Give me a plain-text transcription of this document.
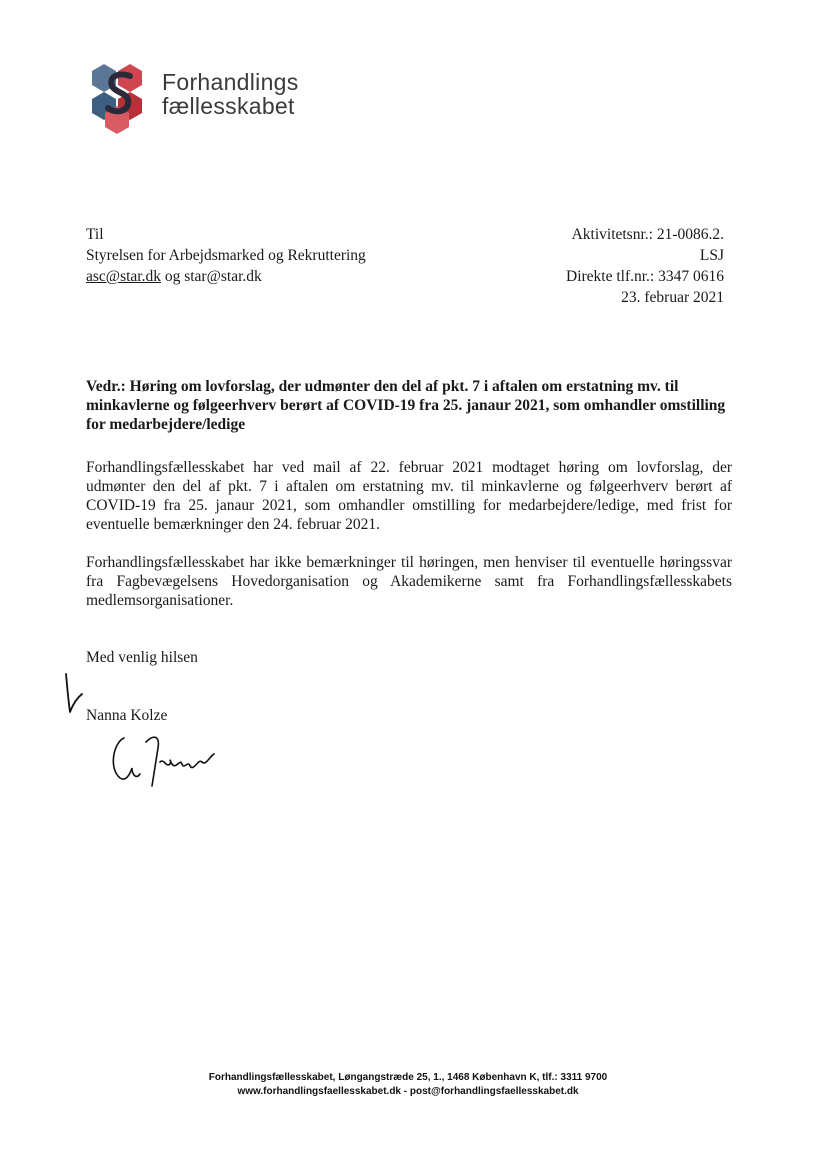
Forhandlings
fællesskabet
Til
Styrelsen for Arbejdsmarked og Rekruttering
asc@star.dk og star@star.dk
Aktivitetsnr.: 21-0086.2.
LSJ
Direkte tlf.nr.: 3347 0616
23. februar 2021
Vedr.: Høring om lovforslag, der udmønter den del af pkt. 7 i aftalen om erstatning mv. til minkavlerne og følgeerhverv berørt af COVID-19 fra 25. janaur 2021, som omhandler omstilling for medarbejdere/ledige
Forhandlingsfællesskabet har ved mail af 22. februar 2021 modtaget høring om lovforslag, der udmønter den del af pkt. 7 i aftalen om erstatning mv. til minkavlerne og følgeerhverv berørt af COVID-19 fra 25. janaur 2021, som omhandler omstilling for medarbejdere/ledige, med frist for eventuelle bemærkninger den 24. februar 2021.
Forhandlingsfællesskabet har ikke bemærkninger til høringen, men henviser til eventuelle høringssvar fra Fagbevægelsens Hovedorganisation og Akademikerne samt fra Forhandlingsfællesskabets medlemsorganisationer.
Med venlig hilsen
Nanna Kolze
Forhandlingsfællesskabet, Løngangstræde 25, 1., 1468 København K, tlf.: 3311 9700
www.forhandlingsfaellesskabet.dk - post@forhandlingsfaellesskabet.dk
